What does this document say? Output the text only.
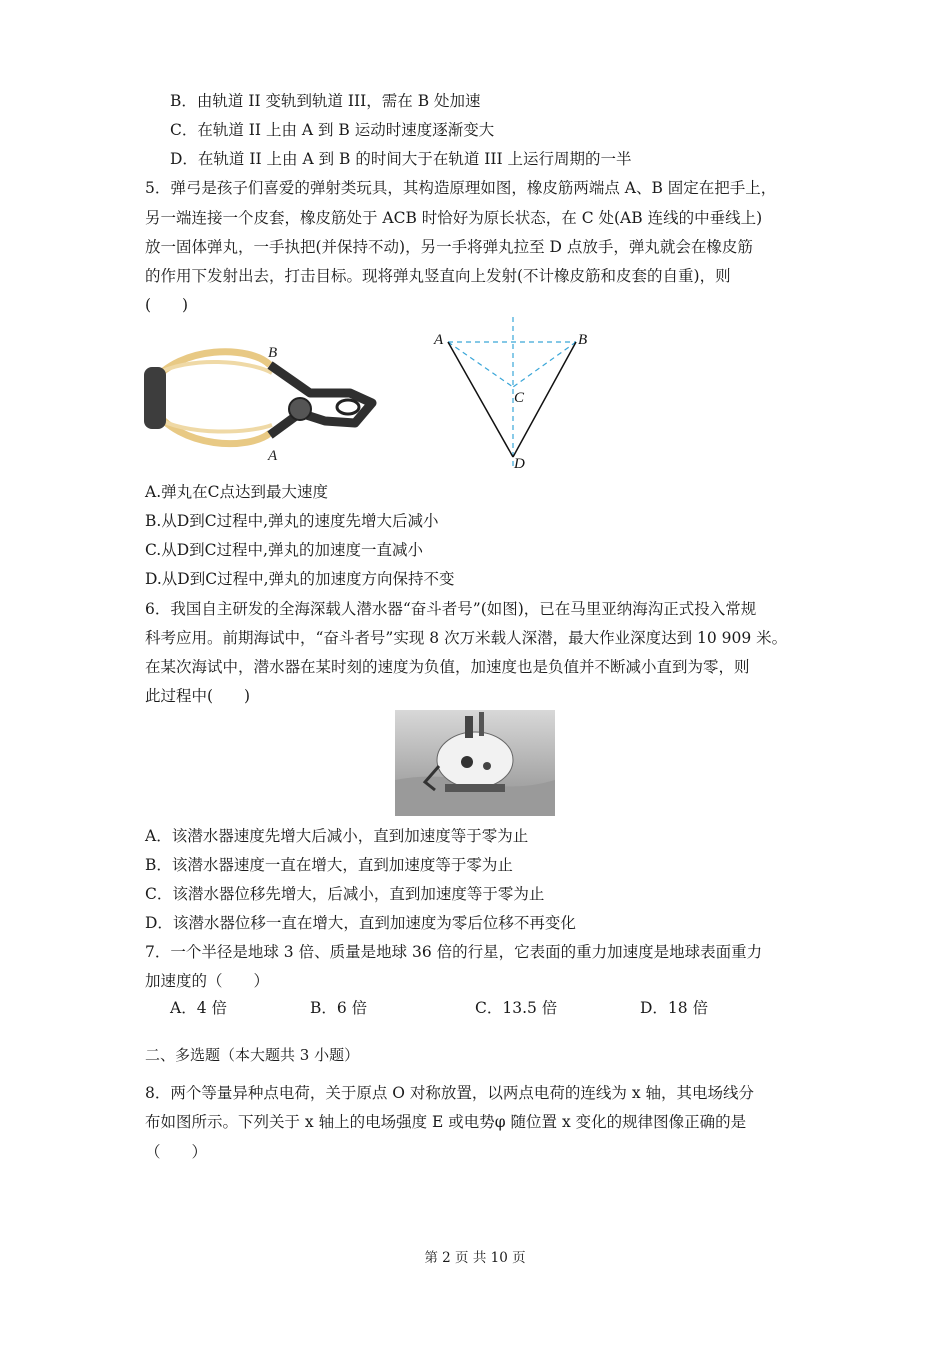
B．由轨道 II 变轨到轨道 III，需在 B 处加速
C．在轨道 II 上由 A 到 B 运动时速度逐渐变大
D．在轨道 II 上由 A 到 B 的时间大于在轨道 III 上运行周期的一半
5．弹弓是孩子们喜爱的弹射类玩具，其构造原理如图，橡皮筋两端点 A、B 固定在把手上，
另一端连接一个皮套，橡皮筋处于 ACB 时恰好为原长状态，在 C 处(AB 连线的中垂线上)
放一固体弹丸，一手执把(并保持不动)，另一手将弹丸拉至 D 点放手，弹丸就会在橡皮筋
的作用下发射出去，打击目标。现将弹丸竖直向上发射(不计橡皮筋和皮套的自重)，则
(　　)
B
A
A	B
C
D
A.弹丸在C点达到最大速度
B.从D到C过程中,弹丸的速度先增大后减小
C.从D到C过程中,弹丸的加速度一直减小
D.从D到C过程中,弹丸的加速度方向保持不变
6．我国自主研发的全海深载人潜水器“奋斗者号”(如图)，已在马里亚纳海沟正式投入常规
科考应用。前期海试中，“奋斗者号”实现 8 次万米载人深潜，最大作业深度达到 10 909 米。
在某次海试中，潜水器在某时刻的速度为负值，加速度也是负值并不断减小直到为零，则
此过程中(　　)
A．该潜水器速度先增大后减小，直到加速度等于零为止
B．该潜水器速度一直在增大，直到加速度等于零为止
C．该潜水器位移先增大，后减小，直到加速度等于零为止
D．该潜水器位移一直在增大，直到加速度为零后位移不再变化
7．一个半径是地球 3 倍、质量是地球 36 倍的行星，它表面的重力加速度是地球表面重力
加速度的（　　）
A．4 倍	B．6 倍	C．13.5 倍	D．18 倍
二、多选题（本大题共 3 小题）
8．两个等量异种点电荷，关于原点 O 对称放置，以两点电荷的连线为 x 轴，其电场线分
布如图所示。下列关于 x 轴上的电场强度 E 或电势φ 随位置 x 变化的规律图像正确的是
（　　）
第 2 页 共 10 页
